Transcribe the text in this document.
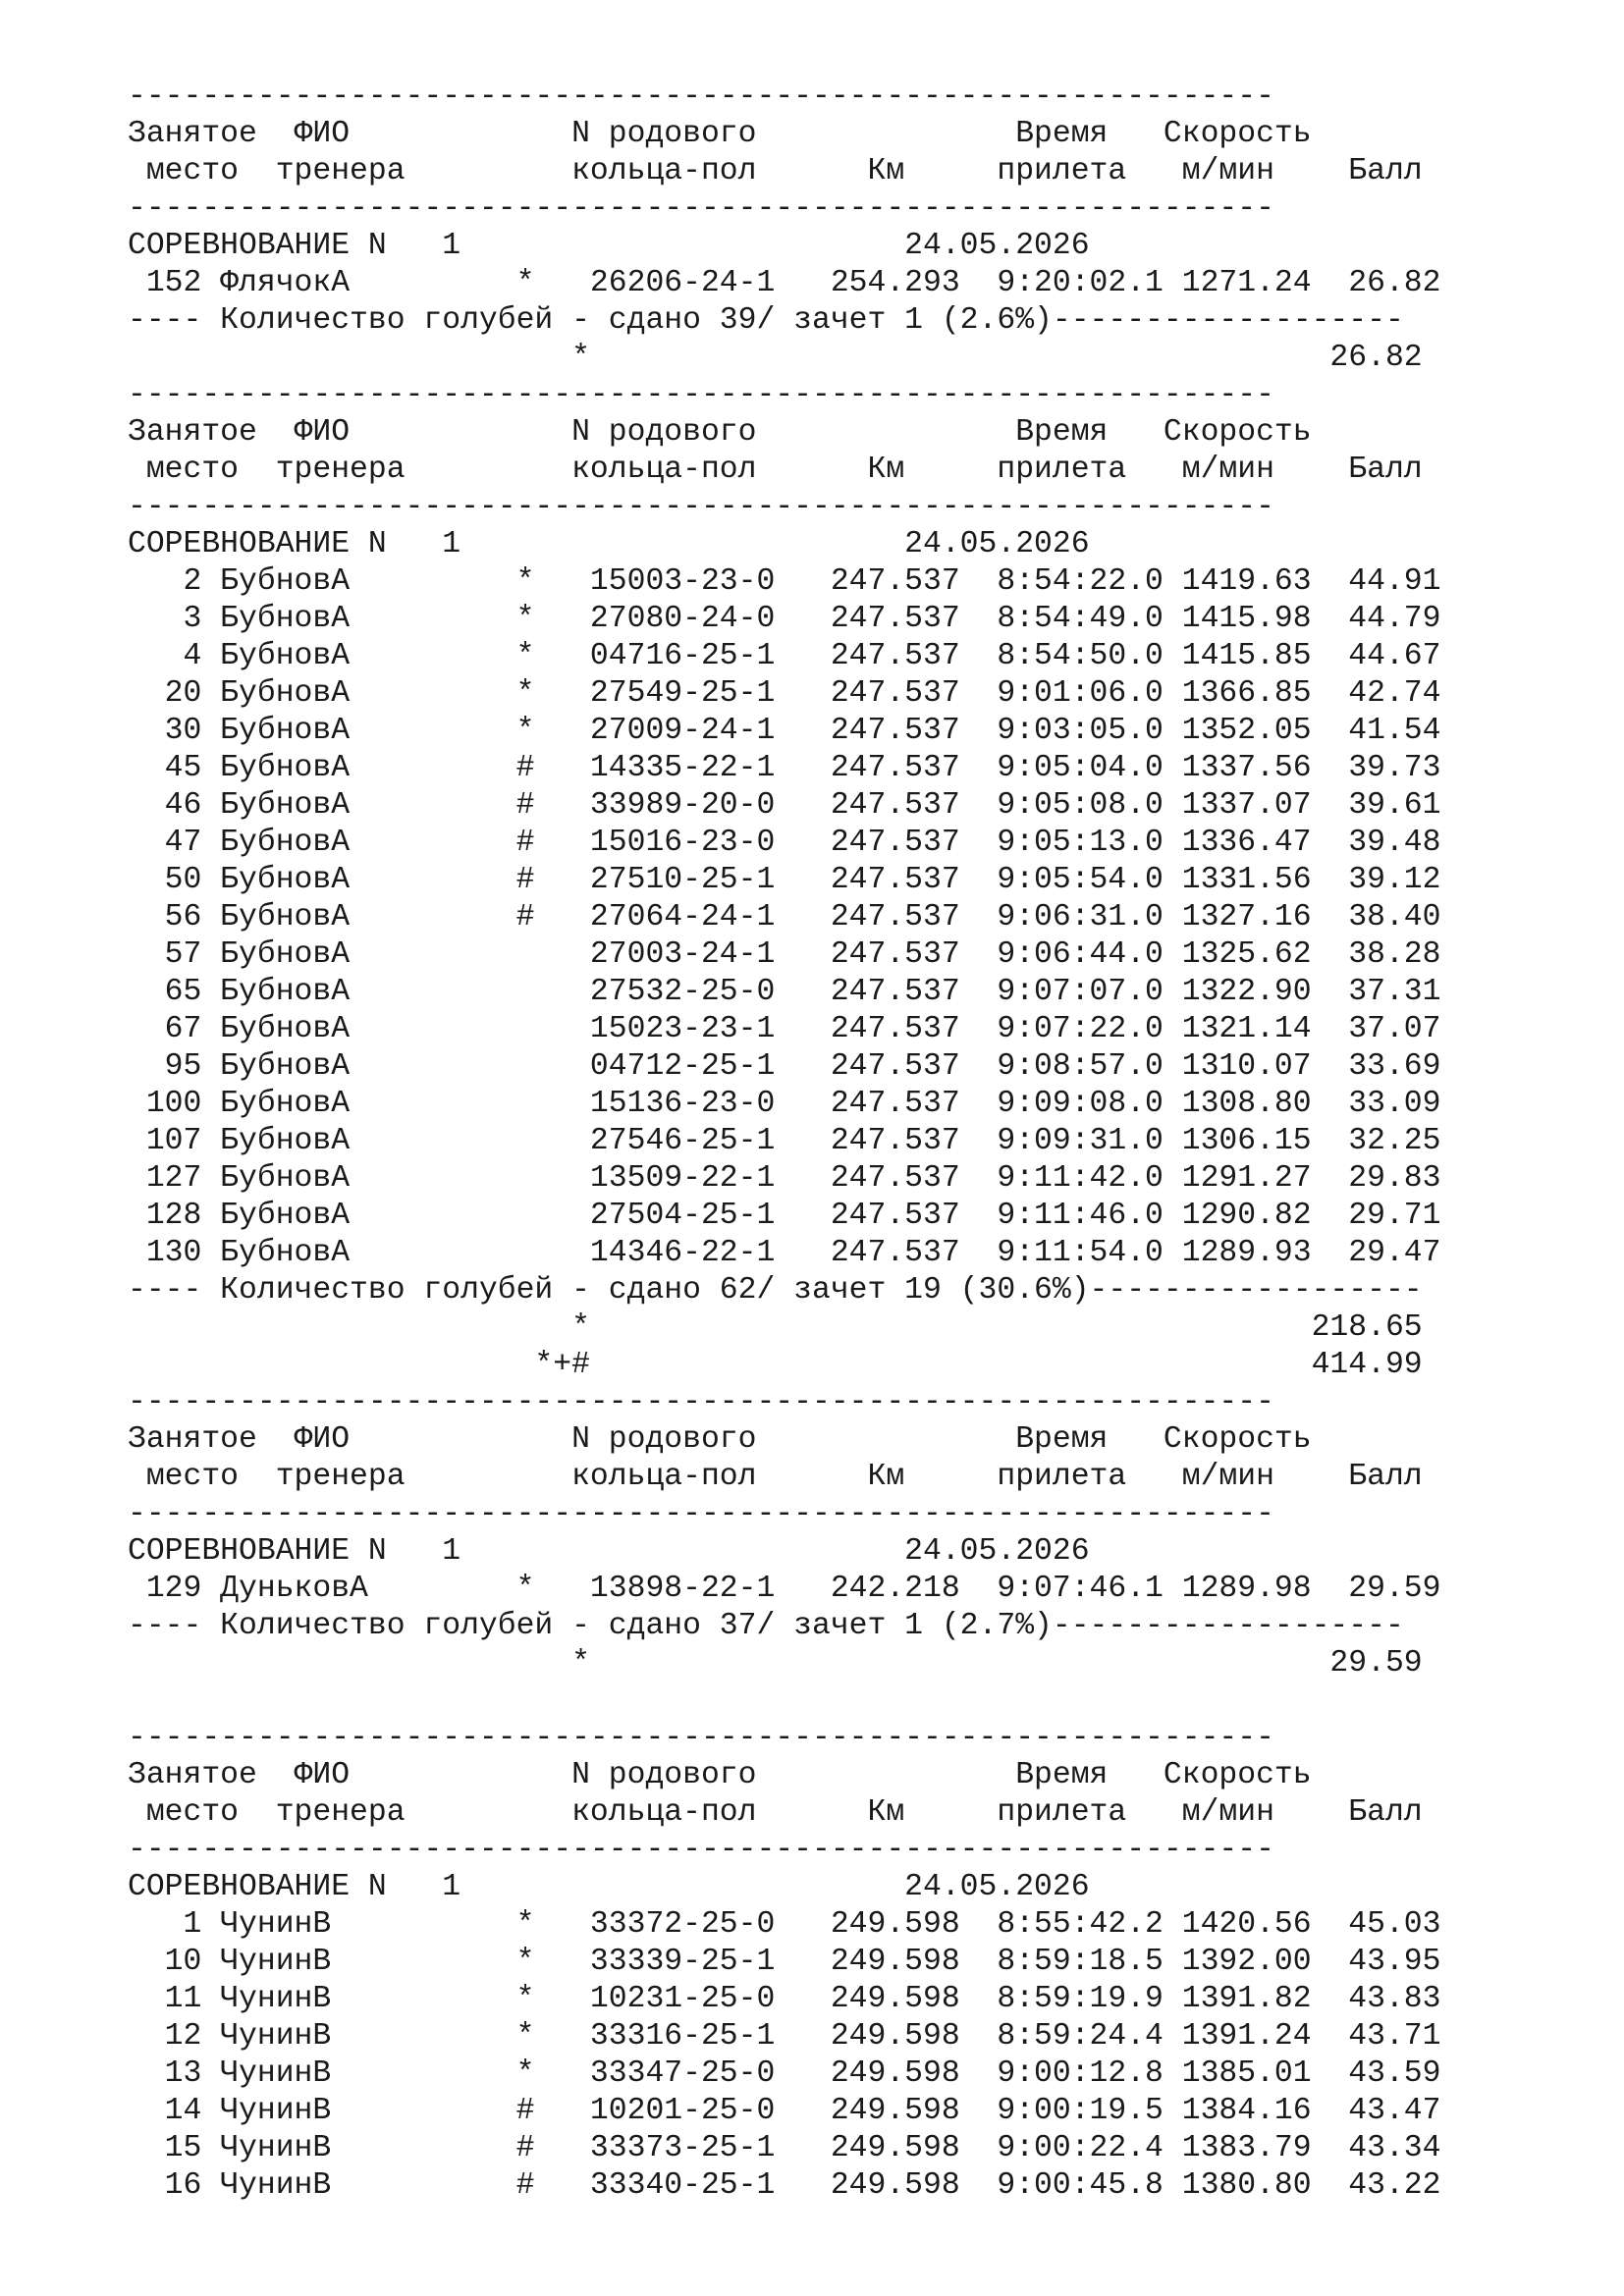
--------------------------------------------------------------
Занятое  ФИО            N родового              Время   Скорость
место  тренера         кольца-пол      Км     прилета   м/мин    Балл
--------------------------------------------------------------
СОРЕВНОВАНИЕ N   1                        24.05.2026
152 ФлячокА         *   26206-24-1   254.293  9:20:02.1 1271.24  26.82
---- Количество голубей - сдано 39/ зачет 1 (2.6%)-------------------
*                                        26.82
--------------------------------------------------------------
Занятое  ФИО            N родового              Время   Скорость
место  тренера         кольца-пол      Км     прилета   м/мин    Балл
--------------------------------------------------------------
СОРЕВНОВАНИЕ N   1                        24.05.2026
2 БубновА         *   15003-23-0   247.537  8:54:22.0 1419.63  44.91
3 БубновА         *   27080-24-0   247.537  8:54:49.0 1415.98  44.79
4 БубновА         *   04716-25-1   247.537  8:54:50.0 1415.85  44.67
20 БубновА         *   27549-25-1   247.537  9:01:06.0 1366.85  42.74
30 БубновА         *   27009-24-1   247.537  9:03:05.0 1352.05  41.54
45 БубновА         #   14335-22-1   247.537  9:05:04.0 1337.56  39.73
46 БубновА         #   33989-20-0   247.537  9:05:08.0 1337.07  39.61
47 БубновА         #   15016-23-0   247.537  9:05:13.0 1336.47  39.48
50 БубновА         #   27510-25-1   247.537  9:05:54.0 1331.56  39.12
56 БубновА         #   27064-24-1   247.537  9:06:31.0 1327.16  38.40
57 БубновА             27003-24-1   247.537  9:06:44.0 1325.62  38.28
65 БубновА             27532-25-0   247.537  9:07:07.0 1322.90  37.31
67 БубновА             15023-23-1   247.537  9:07:22.0 1321.14  37.07
95 БубновА             04712-25-1   247.537  9:08:57.0 1310.07  33.69
100 БубновА             15136-23-0   247.537  9:09:08.0 1308.80  33.09
107 БубновА             27546-25-1   247.537  9:09:31.0 1306.15  32.25
127 БубновА             13509-22-1   247.537  9:11:42.0 1291.27  29.83
128 БубновА             27504-25-1   247.537  9:11:46.0 1290.82  29.71
130 БубновА             14346-22-1   247.537  9:11:54.0 1289.93  29.47
---- Количество голубей - сдано 62/ зачет 19 (30.6%)------------------
*                                       218.65
*+#                                       414.99
--------------------------------------------------------------
Занятое  ФИО            N родового              Время   Скорость
место  тренера         кольца-пол      Км     прилета   м/мин    Балл
--------------------------------------------------------------
СОРЕВНОВАНИЕ N   1                        24.05.2026
129 ДуньковА        *   13898-22-1   242.218  9:07:46.1 1289.98  29.59
---- Количество голубей - сдано 37/ зачет 1 (2.7%)-------------------
*                                        29.59
--------------------------------------------------------------
Занятое  ФИО            N родового              Время   Скорость
место  тренера         кольца-пол      Км     прилета   м/мин    Балл
--------------------------------------------------------------
СОРЕВНОВАНИЕ N   1                        24.05.2026
1 ЧунинВ          *   33372-25-0   249.598  8:55:42.2 1420.56  45.03
10 ЧунинВ          *   33339-25-1   249.598  8:59:18.5 1392.00  43.95
11 ЧунинВ          *   10231-25-0   249.598  8:59:19.9 1391.82  43.83
12 ЧунинВ          *   33316-25-1   249.598  8:59:24.4 1391.24  43.71
13 ЧунинВ          *   33347-25-0   249.598  9:00:12.8 1385.01  43.59
14 ЧунинВ          #   10201-25-0   249.598  9:00:19.5 1384.16  43.47
15 ЧунинВ          #   33373-25-1   249.598  9:00:22.4 1383.79  43.34
16 ЧунинВ          #   33340-25-1   249.598  9:00:45.8 1380.80  43.22
